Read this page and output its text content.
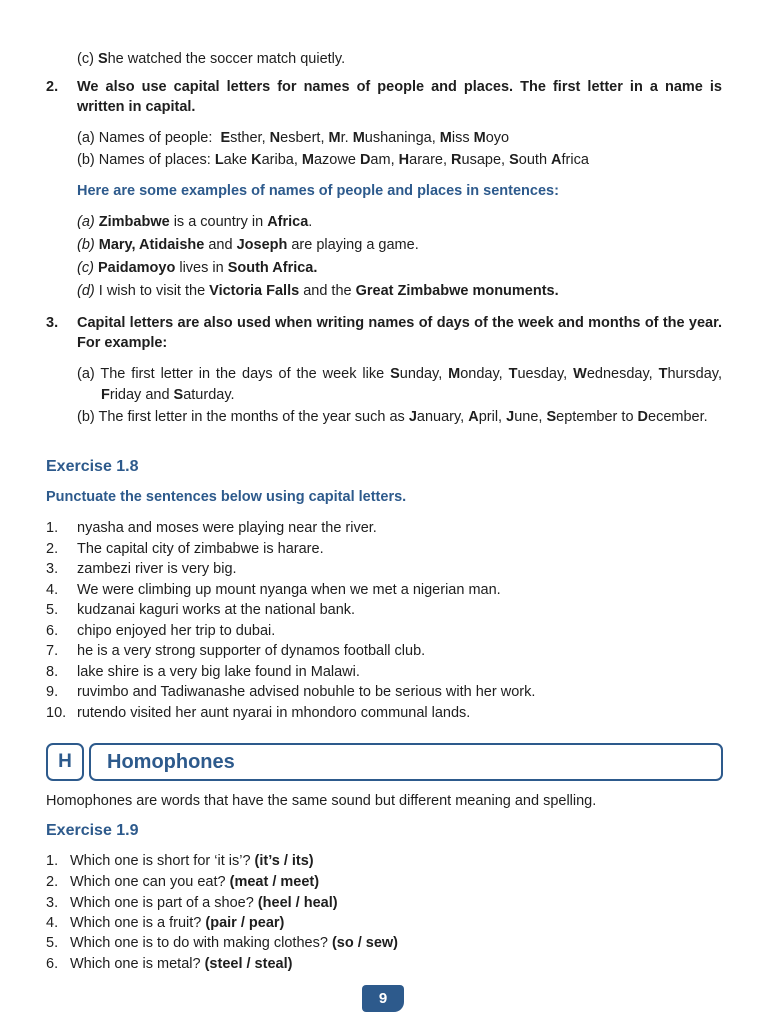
(c) She watched the soccer match quietly.
2. We also use capital letters for names of people and places. The first letter in a name is written in capital.
(a) Names of people: Esther, Nesbert, Mr. Mushaninga, Miss Moyo
(b) Names of places: Lake Kariba, Mazowe Dam, Harare, Rusape, South Africa
Here are some examples of names of people and places in sentences:
(a) Zimbabwe is a country in Africa.
(b) Mary, Atidaishe and Joseph are playing a game.
(c) Paidamoyo lives in South Africa.
(d) I wish to visit the Victoria Falls and the Great Zimbabwe monuments.
3. Capital letters are also used when writing names of days of the week and months of the year. For example:
(a) The first letter in the days of the week like Sunday, Monday, Tuesday, Wednesday, Thursday, Friday and Saturday.
(b) The first letter in the months of the year such as January, April, June, September to December.
Exercise 1.8
Punctuate the sentences below using capital letters.
1.	nyasha and moses were playing near the river.
2.	The capital city of zimbabwe is harare.
3.	zambezi river is very big.
4.	We were climbing up mount nyanga when we met a nigerian man.
5.	kudzanai kaguri works at the national bank.
6.	chipo enjoyed her trip to dubai.
7.	he is a very strong supporter of dynamos football club.
8.	lake shire is a very big lake found in Malawi.
9.	ruvimbo and Tadiwanashe advised nobuhle to be serious with her work.
10. rutendo visited her aunt nyarai in mhondoro communal lands.
H	Homophones
Homophones are words that have the same sound but different meaning and spelling.
Exercise 1.9
1. Which one is short for ‘it is’? (it’s / its)
2. Which one can you eat? (meat / meet)
3. Which one is part of a shoe? (heel / heal)
4. Which one is a fruit? (pair / pear)
5. Which one is to do with making clothes? (so / sew)
6. Which one is metal? (steel / steal)
9
